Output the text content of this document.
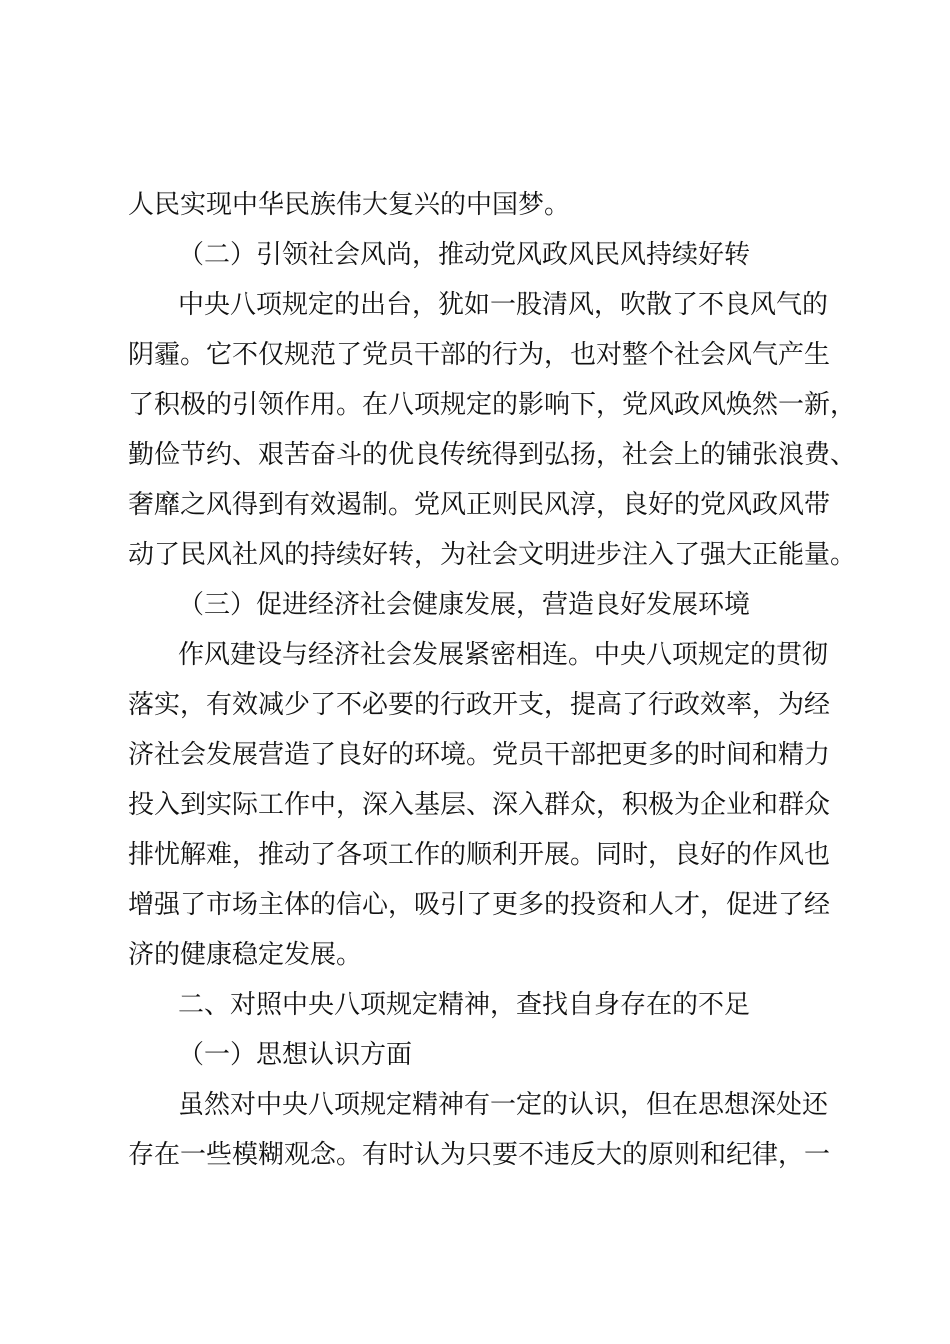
人民实现中华民族伟大复兴的中国梦。
（二）引领社会风尚，推动党风政风民风持续好转
中央八项规定的出台，犹如一股清风，吹散了不良风气的
阴霾。它不仅规范了党员干部的行为，也对整个社会风气产生
了积极的引领作用。在八项规定的影响下，党风政风焕然一新，
勤俭节约、艰苦奋斗的优良传统得到弘扬，社会上的铺张浪费、
奢靡之风得到有效遏制。党风正则民风淳，良好的党风政风带
动了民风社风的持续好转，为社会文明进步注入了强大正能量。
（三）促进经济社会健康发展，营造良好发展环境
作风建设与经济社会发展紧密相连。中央八项规定的贯彻
落实，有效减少了不必要的行政开支，提高了行政效率，为经
济社会发展营造了良好的环境。党员干部把更多的时间和精力
投入到实际工作中，深入基层、深入群众，积极为企业和群众
排忧解难，推动了各项工作的顺利开展。同时，良好的作风也
增强了市场主体的信心，吸引了更多的投资和人才，促进了经
济的健康稳定发展。
二、对照中央八项规定精神，查找自身存在的不足
（一）思想认识方面
虽然对中央八项规定精神有一定的认识，但在思想深处还
存在一些模糊观念。有时认为只要不违反大的原则和纪律，一
